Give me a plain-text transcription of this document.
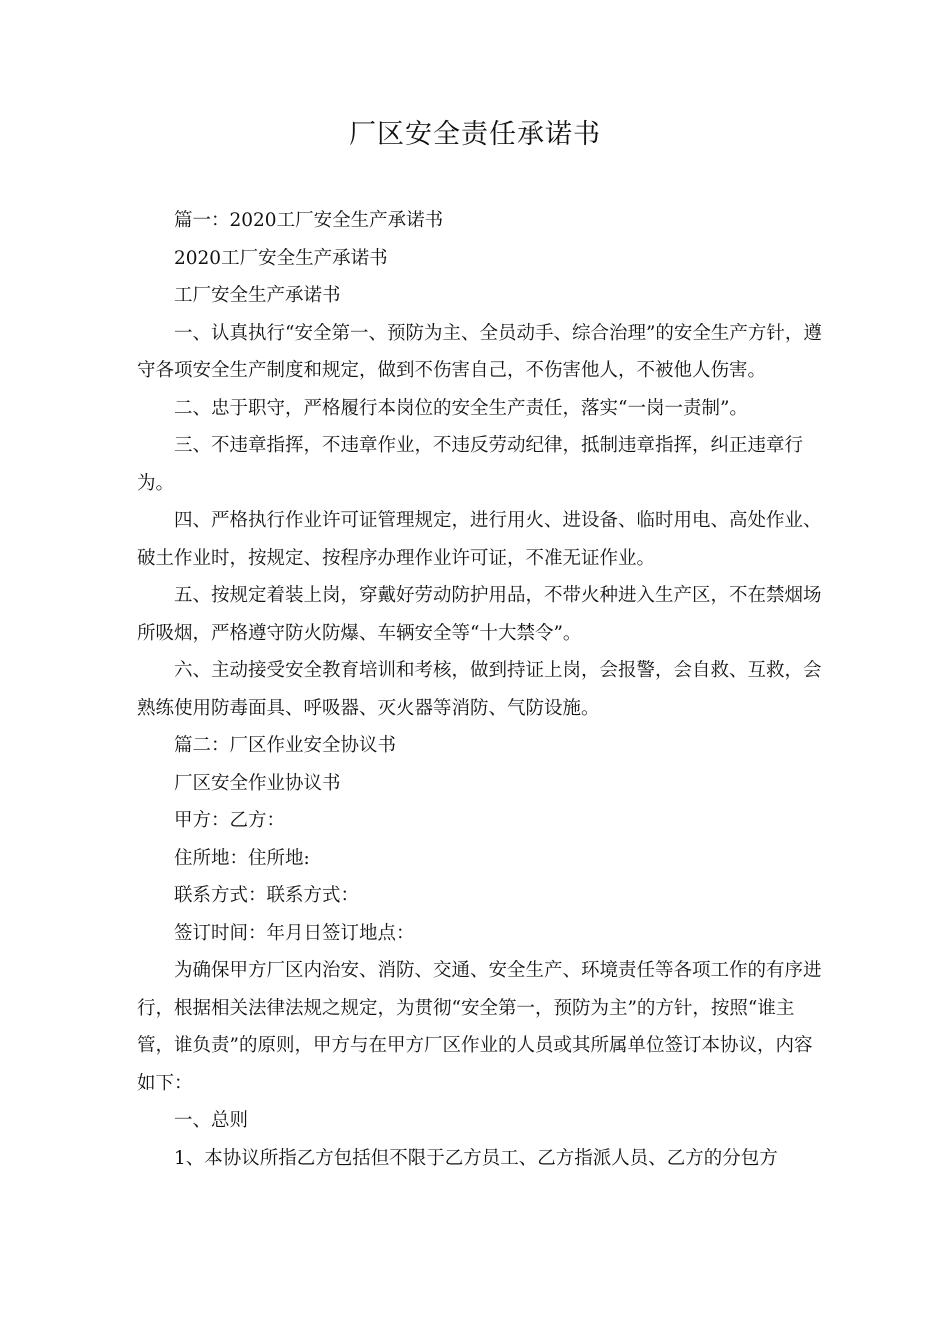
厂区安全责任承诺书

篇一：2020工厂安全生产承诺书

2020工厂安全生产承诺书

工厂安全生产承诺书

一、认真执行“安全第一、预防为主、全员动手、综合治理”的安全生产方针，遵守各项安全生产制度和规定，做到不伤害自己，不伤害他人，不被他人伤害。

二、忠于职守，严格履行本岗位的安全生产责任，落实“一岗一责制”。

三、不违章指挥，不违章作业，不违反劳动纪律，抵制违章指挥，纠正违章行为。

四、严格执行作业许可证管理规定，进行用火、进设备、临时用电、高处作业、破土作业时，按规定、按程序办理作业许可证，不准无证作业。

五、按规定着装上岗，穿戴好劳动防护用品，不带火种进入生产区，不在禁烟场所吸烟，严格遵守防火防爆、车辆安全等“十大禁令”。

六、主动接受安全教育培训和考核，做到持证上岗，会报警，会自救、互救，会熟练使用防毒面具、呼吸器、灭火器等消防、气防设施。

篇二：厂区作业安全协议书

厂区安全作业协议书

甲方：乙方：

住所地：住所地:

联系方式：联系方式：

签订时间：年月日签订地点：

为确保甲方厂区内治安、消防、交通、安全生产、环境责任等各项工作的有序进行，根据相关法律法规之规定，为贯彻“安全第一，预防为主”的方针，按照“谁主管，谁负责”的原则，甲方与在甲方厂区作业的人员或其所属单位签订本协议，内容如下：

一、总则

1、本协议所指乙方包括但不限于乙方员工、乙方指派人员、乙方的分包方
